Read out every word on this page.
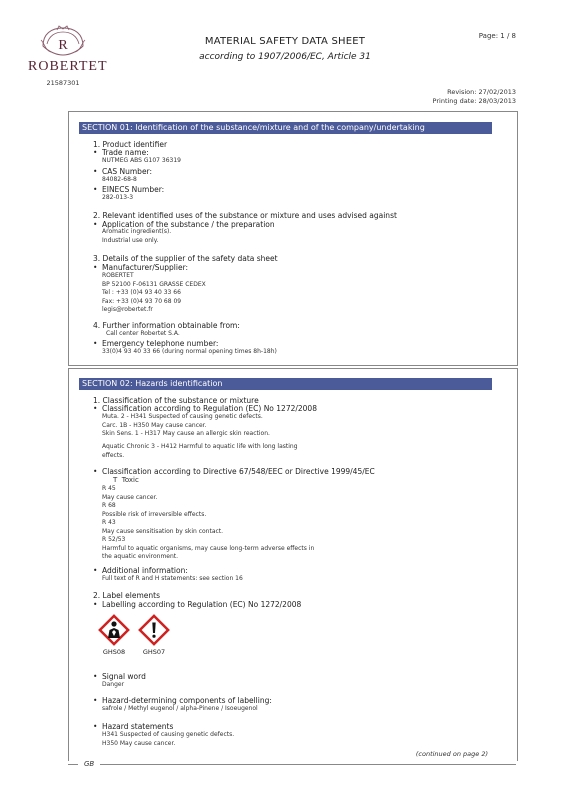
R
ROBERTET
21587301
Page: 1 / 8
MATERIAL SAFETY DATA SHEET
according to 1907/2006/EC, Article 31
Revision: 27/02/2013
Printing date: 28/03/2013
SECTION 01: Identification of the substance/mixture and of the company/undertaking
1. Product identifier
• Trade name:
NUTMEG ABS G107 36319
• CAS Number:
84082-68-8
• EINECS Number:
282-013-3
2. Relevant identified uses of the substance or mixture and uses advised against
• Application of the substance / the preparation
Aromatic ingredient(s).
Industrial use only.
3. Details of the supplier of the safety data sheet
• Manufacturer/Supplier:
ROBERTET
BP 52100 F-06131 GRASSE CEDEX
Tel : +33 (0)4 93 40 33 66
Fax: +33 (0)4 93 70 68 09
legis@robertet.fr
4. Further information obtainable from:
Call center Robertet S.A.
• Emergency telephone number:
33(0)4 93 40 33 66 (during normal opening times 8h-18h)
SECTION 02: Hazards identification
1. Classification of the substance or mixture
• Classification according to Regulation (EC) No 1272/2008
Muta. 2 - H341 Suspected of causing genetic defects.
Carc. 1B - H350 May cause cancer.
Skin Sens. 1 - H317 May cause an allergic skin reaction.
Aquatic Chronic 3 - H412 Harmful to aquatic life with long lasting
effects.
• Classification according to Directive 67/548/EEC or Directive 1999/45/EC
T  Toxic
R 45
May cause cancer.
R 68
Possible risk of irreversible effects.
R 43
May cause sensitisation by skin contact.
R 52/53
Harmful to aquatic organisms, may cause long-term adverse effects in
the aquatic environment.
• Additional information:
Full text of R and H statements: see section 16
2. Label elements
• Labelling according to Regulation (EC) No 1272/2008
GHS08	GHS07
• Signal word
Danger
• Hazard-determining components of labelling:
safrole / Methyl eugenol / alpha-Pinene / Isoeugenol
• Hazard statements
H341 Suspected of causing genetic defects.
H350 May cause cancer.
(continued on page 2)
GB
